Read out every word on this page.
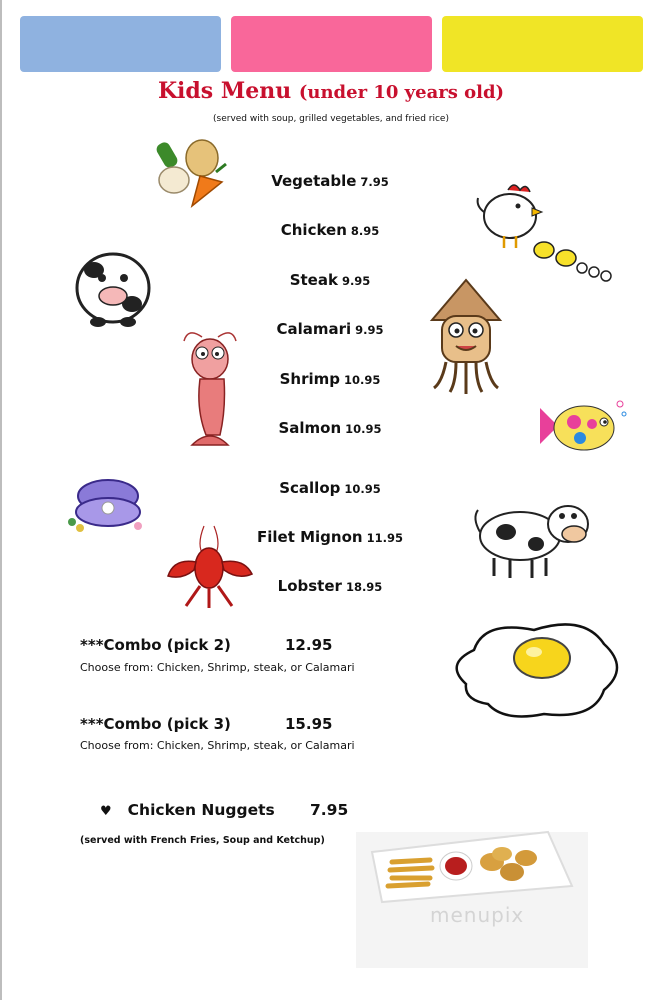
Kids Menu (under 10 years old)
(served with soup, grilled vegetables, and fried rice)
Vegetable 7.95
Chicken 8.95
Steak 9.95
Calamari 9.95
Shrimp 10.95
Salmon 10.95
Scallop 10.95
Filet Mignon 11.95
Lobster 18.95
***Combo (pick 2)	12.95
Choose from: Chicken, Shrimp, steak, or Calamari
***Combo (pick 3)	15.95
Choose from: Chicken, Shrimp, steak, or Calamari
♥ Chicken Nuggets 7.95
(served with French Fries, Soup and Ketchup)
menupix
